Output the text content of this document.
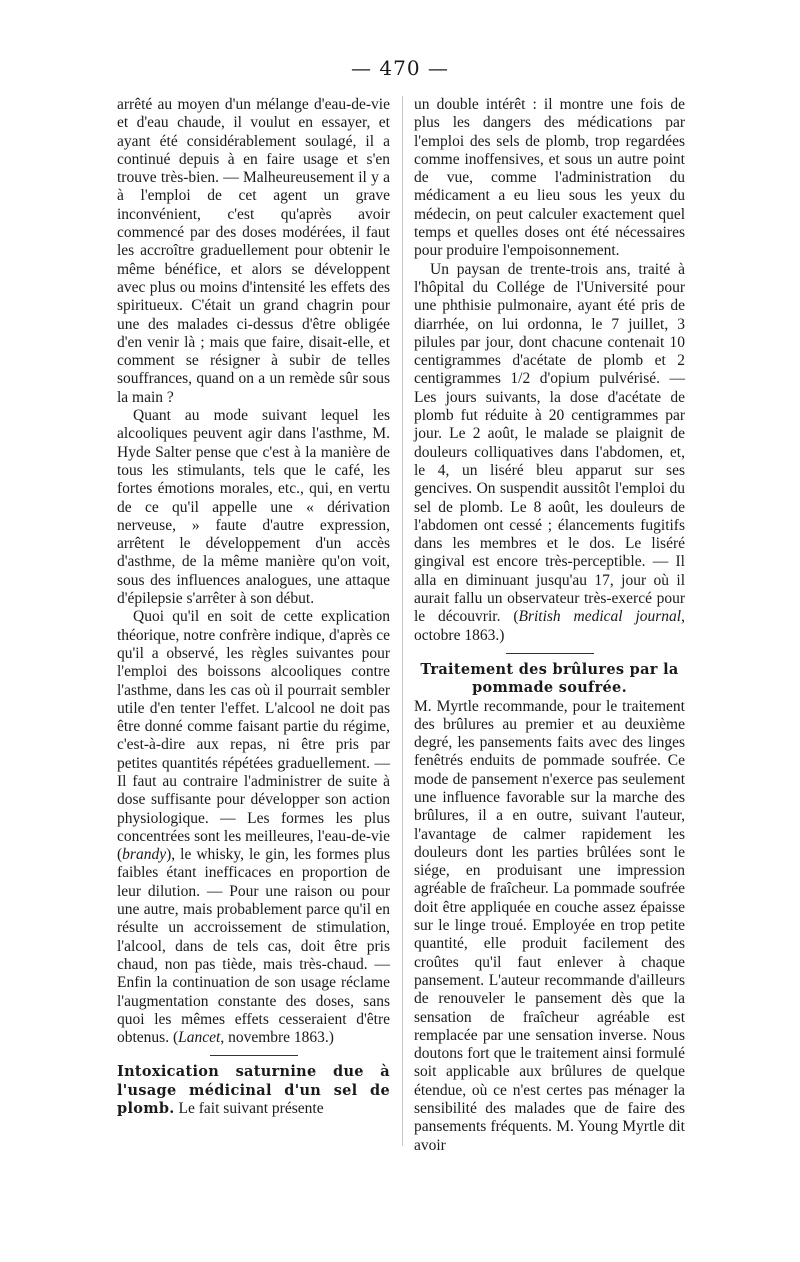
— 470 —

arrêté au moyen d'un mélange d'eau-de-vie et d'eau chaude, il voulut en essayer, et ayant été considérablement soulagé, il a continué depuis à en faire usage et s'en trouve très-bien. — Malheureusement il y a à l'emploi de cet agent un grave inconvénient, c'est qu'après avoir commencé par des doses modérées, il faut les accroître graduellement pour obtenir le même bénéfice, et alors se développent avec plus ou moins d'intensité les effets des spiritueux. C'était un grand chagrin pour une des malades ci-dessus d'être obligée d'en venir là ; mais que faire, disait-elle, et comment se résigner à subir de telles souffrances, quand on a un remède sûr sous la main ?

Quant au mode suivant lequel les alcooliques peuvent agir dans l'asthme, M. Hyde Salter pense que c'est à la manière de tous les stimulants, tels que le café, les fortes émotions morales, etc., qui, en vertu de ce qu'il appelle une « dérivation nerveuse, » faute d'autre expression, arrêtent le développement d'un accès d'asthme, de la même manière qu'on voit, sous des influences analogues, une attaque d'épilepsie s'arrêter à son début.

Quoi qu'il en soit de cette explication théorique, notre confrère indique, d'après ce qu'il a observé, les règles suivantes pour l'emploi des boissons alcooliques contre l'asthme, dans les cas où il pourrait sembler utile d'en tenter l'effet. L'alcool ne doit pas être donné comme faisant partie du régime, c'est-à-dire aux repas, ni être pris par petites quantités répétées graduellement. — Il faut au contraire l'administrer de suite à dose suffisante pour développer son action physiologique. — Les formes les plus concentrées sont les meilleures, l'eau-de-vie (brandy), le whisky, le gin, les formes plus faibles étant inefficaces en proportion de leur dilution. — Pour une raison ou pour une autre, mais probablement parce qu'il en résulte un accroissement de stimulation, l'alcool, dans de tels cas, doit être pris chaud, non pas tiède, mais très-chaud. — Enfin la continuation de son usage réclame l'augmentation constante des doses, sans quoi les mêmes effets cesseraient d'être obtenus. (Lancet, novembre 1863.)

Intoxication saturnine due à l'usage médicinal d'un sel de plomb. Le fait suivant présente

un double intérêt : il montre une fois de plus les dangers des médications par l'emploi des sels de plomb, trop regardées comme inoffensives, et sous un autre point de vue, comme l'administration du médicament a eu lieu sous les yeux du médecin, on peut calculer exactement quel temps et quelles doses ont été nécessaires pour produire l'empoisonnement.

Un paysan de trente-trois ans, traité à l'hôpital du Collége de l'Université pour une phthisie pulmonaire, ayant été pris de diarrhée, on lui ordonna, le 7 juillet, 3 pilules par jour, dont chacune contenait 10 centigrammes d'acétate de plomb et 2 centigrammes 1/2 d'opium pulvérisé. — Les jours suivants, la dose d'acétate de plomb fut réduite à 20 centigrammes par jour. Le 2 août, le malade se plaignit de douleurs colliquatives dans l'abdomen, et, le 4, un liséré bleu apparut sur ses gencives. On suspendit aussitôt l'emploi du sel de plomb. Le 8 août, les douleurs de l'abdomen ont cessé ; élancements fugitifs dans les membres et le dos. Le liséré gingival est encore très-perceptible. — Il alla en diminuant jusqu'au 17, jour où il aurait fallu un observateur très-exercé pour le découvrir. (British medical journal, octobre 1863.)

Traitement des brûlures par la pommade soufrée.

M. Myrtle recommande, pour le traitement des brûlures au premier et au deuxième degré, les pansements faits avec des linges fenêtrés enduits de pommade soufrée. Ce mode de pansement n'exerce pas seulement une influence favorable sur la marche des brûlures, il a en outre, suivant l'auteur, l'avantage de calmer rapidement les douleurs dont les parties brûlées sont le siége, en produisant une impression agréable de fraîcheur. La pommade soufrée doit être appliquée en couche assez épaisse sur le linge troué. Employée en trop petite quantité, elle produit facilement des croûtes qu'il faut enlever à chaque pansement. L'auteur recommande d'ailleurs de renouveler le pansement dès que la sensation de fraîcheur agréable est remplacée par une sensation inverse. Nous doutons fort que le traitement ainsi formulé soit applicable aux brûlures de quelque étendue, où ce n'est certes pas ménager la sensibilité des malades que de faire des pansements fréquents. M. Young Myrtle dit avoir
